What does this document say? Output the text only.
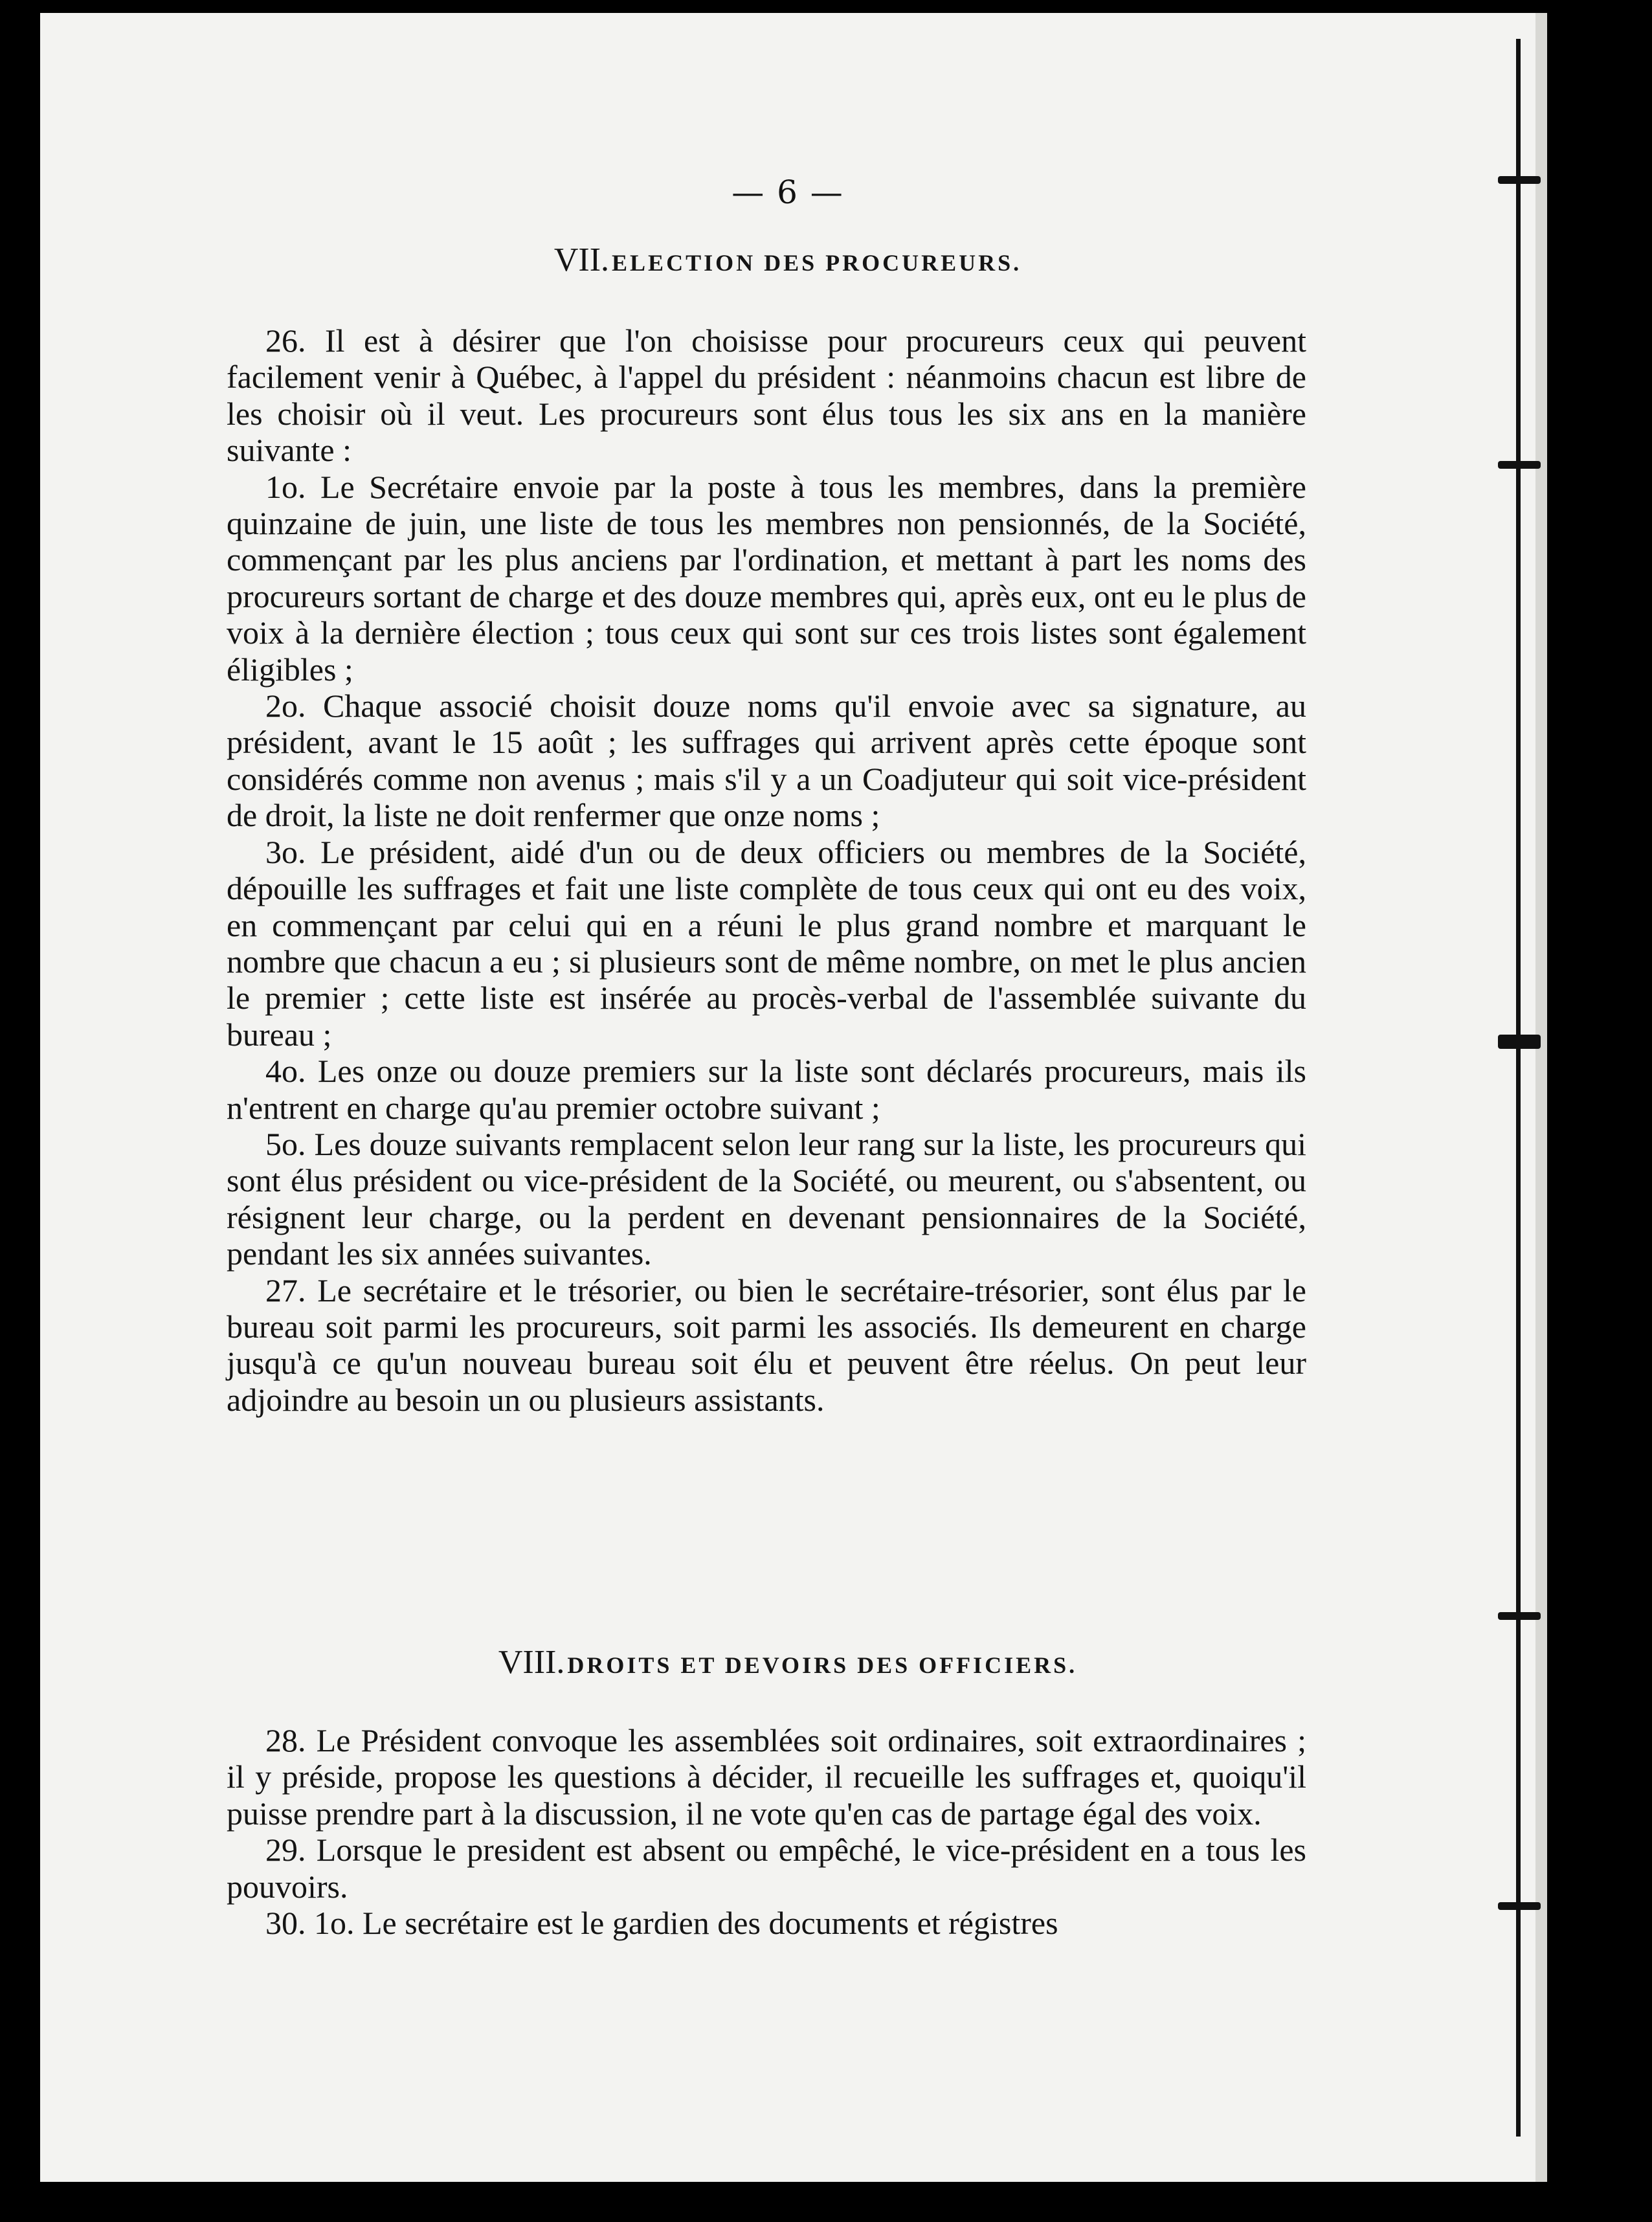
— 6 —
VII. ELECTION DES PROCUREURS.

26. Il est à désirer que l'on choisisse pour procureurs ceux qui peuvent facilement venir à Québec, à l'appel du président : néanmoins chacun est libre de les choisir où il veut. Les procureurs sont élus tous les six ans en la manière suivante :

1o. Le Secrétaire envoie par la poste à tous les membres, dans la première quinzaine de juin, une liste de tous les membres non pensionnés, de la Société, commençant par les plus anciens par l'ordination, et mettant à part les noms des procureurs sortant de charge et des douze membres qui, après eux, ont eu le plus de voix à la dernière élection ; tous ceux qui sont sur ces trois listes sont également éligibles ;

2o. Chaque associé choisit douze noms qu'il envoie avec sa signature, au président, avant le 15 août ; les suffrages qui arrivent après cette époque sont considérés comme non avenus ; mais s'il y a un Coadjuteur qui soit vice-président de droit, la liste ne doit renfermer que onze noms ;

3o. Le président, aidé d'un ou de deux officiers ou membres de la Société, dépouille les suffrages et fait une liste complète de tous ceux qui ont eu des voix, en commençant par celui qui en a réuni le plus grand nombre et marquant le nombre que chacun a eu ; si plusieurs sont de même nombre, on met le plus ancien le premier ; cette liste est insérée au procès-verbal de l'assemblée suivante du bureau ;

4o. Les onze ou douze premiers sur la liste sont déclarés procureurs, mais ils n'entrent en charge qu'au premier octobre suivant ;

5o. Les douze suivants remplacent selon leur rang sur la liste, les procureurs qui sont élus président ou vice-président de la Société, ou meurent, ou s'absentent, ou résignent leur charge, ou la perdent en devenant pensionnaires de la Société, pendant les six années suivantes.

27. Le secrétaire et le trésorier, ou bien le secrétaire-trésorier, sont élus par le bureau soit parmi les procureurs, soit parmi les associés. Ils demeurent en charge jusqu'à ce qu'un nouveau bureau soit élu et peuvent être réelus. On peut leur adjoindre au besoin un ou plusieurs assistants.

VIII. DROITS ET DEVOIRS DES OFFICIERS.

28. Le Président convoque les assemblées soit ordinaires, soit extraordinaires ; il y préside, propose les questions à décider, il recueille les suffrages et, quoiqu'il puisse prendre part à la discussion, il ne vote qu'en cas de partage égal des voix.

29. Lorsque le president est absent ou empêché, le vice-président en a tous les pouvoirs.

30. 1o. Le secrétaire est le gardien des documents et régistres
